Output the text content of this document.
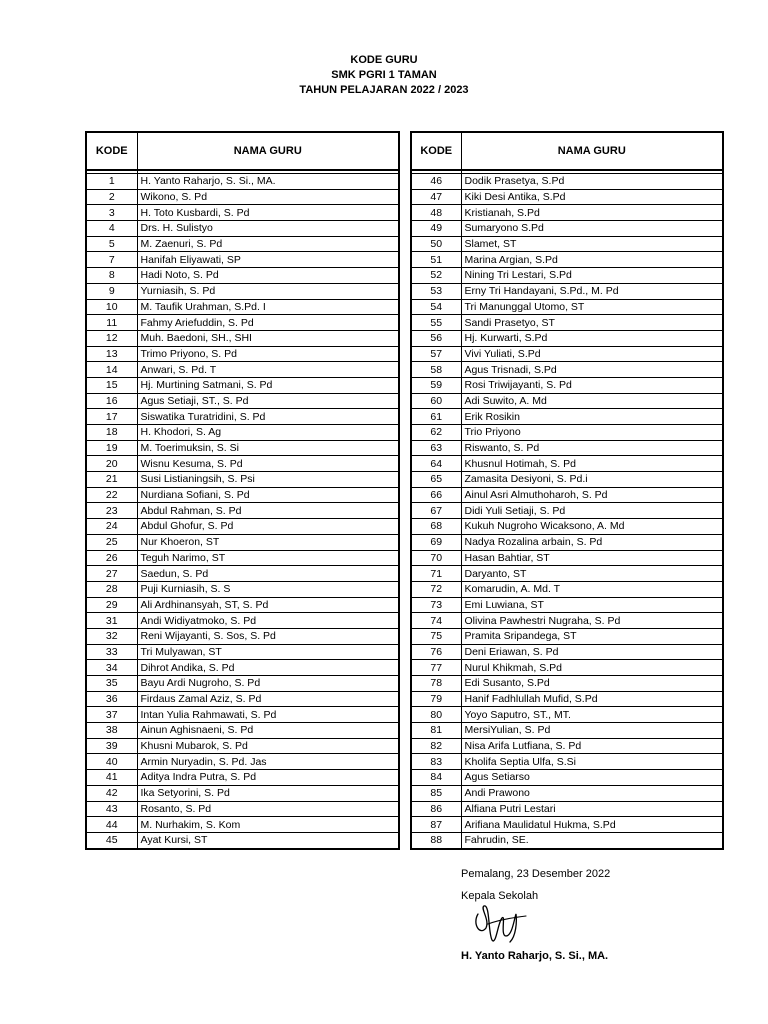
KODE GURU
SMK PGRI 1 TAMAN
TAHUN PELAJARAN 2022 / 2023
KODE	NAMA GURU

1	H. Yanto Raharjo, S. Si., MA.
2	Wikono, S. Pd
3	H. Toto Kusbardi, S. Pd
4	Drs. H. Sulistyo
5	M. Zaenuri, S. Pd
7	Hanifah Eliyawati, SP
8	Hadi Noto, S. Pd
9	Yurniasih, S. Pd
10	M. Taufik Urahman, S.Pd. I
11	Fahmy Ariefuddin, S. Pd
12	Muh. Baedoni, SH., SHI
13	Trimo Priyono, S. Pd
14	Anwari, S. Pd. T
15	Hj. Murtining Satmani, S. Pd
16	Agus Setiaji, ST., S. Pd
17	Siswatika Turatridini, S. Pd
18	H. Khodori, S. Ag
19	M. Toerimuksin, S. Si
20	Wisnu Kesuma, S. Pd
21	Susi Listianingsih, S. Psi
22	Nurdiana Sofiani, S. Pd
23	Abdul Rahman, S. Pd
24	Abdul Ghofur, S. Pd
25	Nur Khoeron, ST
26	Teguh Narimo, ST
27	Saedun, S. Pd
28	Puji Kurniasih, S. S
29	Ali Ardhinansyah, ST, S. Pd
31	Andi Widiyatmoko, S. Pd
32	Reni Wijayanti, S. Sos, S. Pd
33	Tri Mulyawan, ST
34	Dihrot Andika, S. Pd
35	Bayu Ardi Nugroho, S. Pd
36	Firdaus Zamal Aziz, S. Pd
37	Intan Yulia Rahmawati, S. Pd
38	Ainun Aghisnaeni, S. Pd
39	Khusni Mubarok, S. Pd
40	Armin Nuryadin, S. Pd. Jas
41	Aditya Indra Putra, S. Pd
42	Ika Setyorini, S. Pd
43	Rosanto, S. Pd
44	M. Nurhakim, S. Kom
45	Ayat Kursi, ST
KODE	NAMA GURU

46	Dodik Prasetya, S.Pd
47	Kiki Desi Antika, S.Pd
48	Kristianah, S.Pd
49	Sumaryono S.Pd
50	Slamet, ST
51	Marina Argian, S.Pd
52	Nining Tri Lestari, S.Pd
53	Erny Tri Handayani, S.Pd., M. Pd
54	Tri Manunggal Utomo, ST
55	Sandi Prasetyo, ST
56	Hj. Kurwarti, S.Pd
57	Vivi Yuliati, S.Pd
58	Agus Trisnadi, S.Pd
59	Rosi Triwijayanti, S. Pd
60	Adi Suwito, A. Md
61	Erik Rosikin
62	Trio Priyono
63	Riswanto, S. Pd
64	Khusnul Hotimah, S. Pd
65	Zamasita Desiyoni, S. Pd.i
66	Ainul Asri Almuthoharoh, S. Pd
67	Didi Yuli Setiaji, S. Pd
68	Kukuh Nugroho Wicaksono, A. Md
69	Nadya Rozalina arbain, S. Pd
70	Hasan Bahtiar, ST
71	Daryanto, ST
72	Komarudin, A. Md. T
73	Emi Luwiana, ST
74	Olivina Pawhestri Nugraha, S. Pd
75	Pramita Sripandega, ST
76	Deni Eriawan, S. Pd
77	Nurul Khikmah, S.Pd
78	Edi Susanto, S.Pd
79	Hanif Fadhlullah Mufid, S.Pd
80	Yoyo Saputro, ST., MT.
81	MersiYulian, S. Pd
82	Nisa Arifa Lutfiana, S. Pd
83	Kholifa Septia Ulfa, S.Si
84	Agus Setiarso
85	Andi Prawono
86	Alfiana Putri Lestari
87	Arifiana Maulidatul Hukma, S.Pd
88	Fahrudin, SE.
Pemalang, 23 Desember 2022
Kepala Sekolah
H. Yanto Raharjo, S. Si., MA.
